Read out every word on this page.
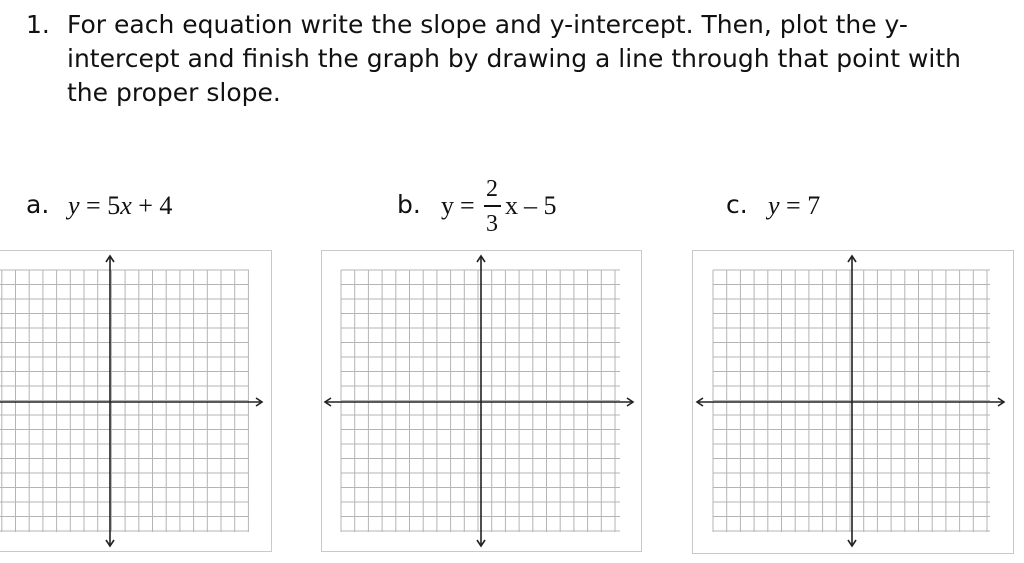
1. For each equation write the slope and y-intercept. Then, plot the y-
intercept and finish the graph by drawing a line through that point with
the proper slope.

a. y = 5x + 4	b. y =
2
3
x – 5	c. y = 7
